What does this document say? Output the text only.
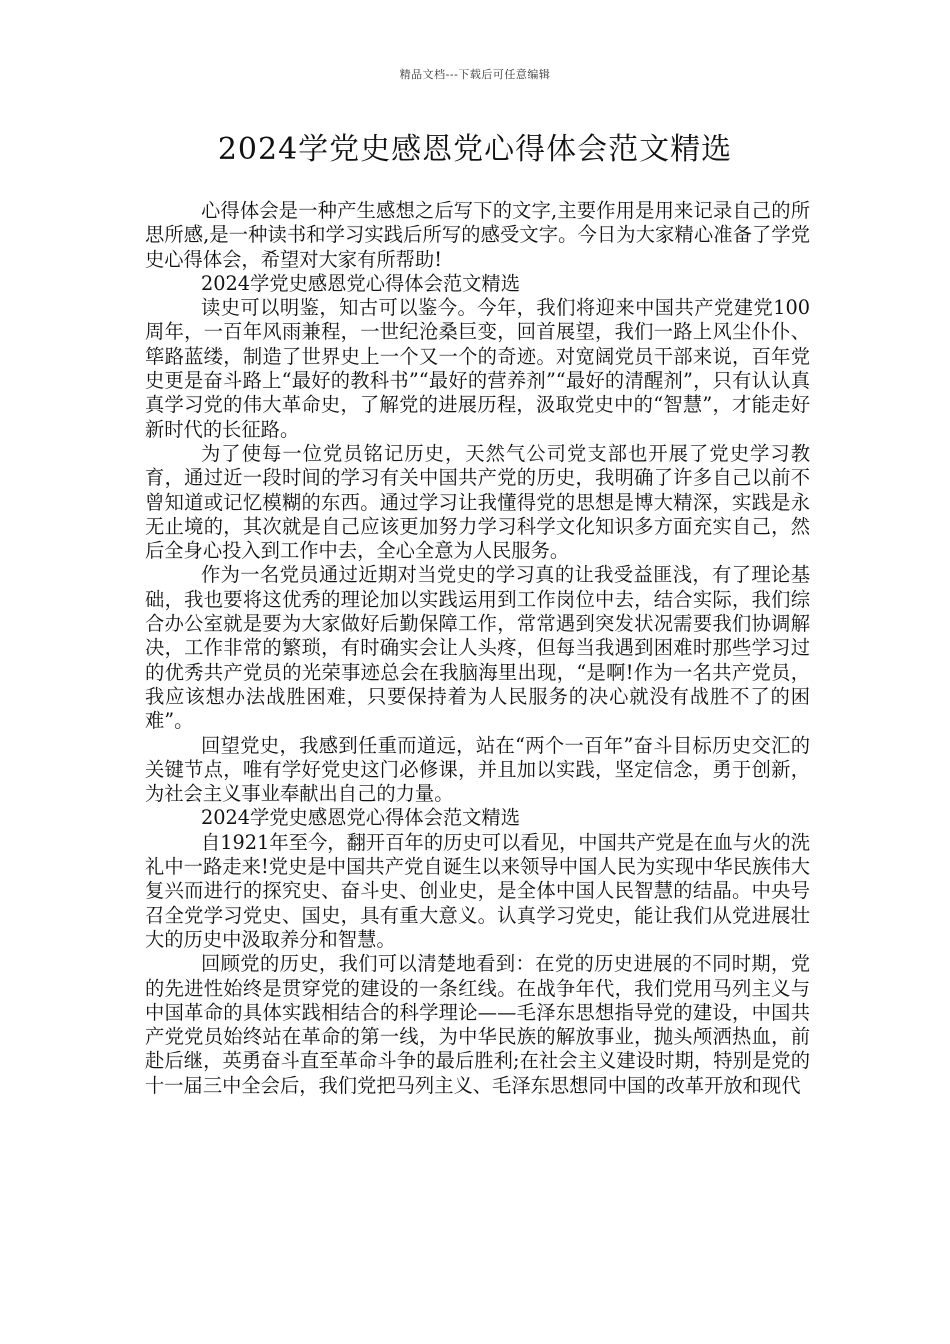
精品文档---下载后可任意编辑
2024学党史感恩党心得体会范文精选

心得体会是一种产生感想之后写下的文字,主要作用是用来记录自己的所思所感,是一种读书和学习实践后所写的感受文字。今日为大家精心准备了学党史心得体会，希望对大家有所帮助!

2024学党史感恩党心得体会范文精选

读史可以明鉴，知古可以鉴今。今年，我们将迎来中国共产党建党100周年，一百年风雨兼程，一世纪沧桑巨变，回首展望，我们一路上风尘仆仆、筚路蓝缕，制造了世界史上一个又一个的奇迹。对宽阔党员干部来说，百年党史更是奋斗路上“最好的教科书”“最好的营养剂”“最好的清醒剂”，只有认认真真学习党的伟大革命史，了解党的进展历程，汲取党史中的“智慧”，才能走好新时代的长征路。

为了使每一位党员铭记历史，天然气公司党支部也开展了党史学习教育，通过近一段时间的学习有关中国共产党的历史，我明确了许多自己以前不曾知道或记忆模糊的东西。通过学习让我懂得党的思想是博大精深，实践是永无止境的，其次就是自己应该更加努力学习科学文化知识多方面充实自己，然后全身心投入到工作中去，全心全意为人民服务。

作为一名党员通过近期对当党史的学习真的让我受益匪浅，有了理论基础，我也要将这优秀的理论加以实践运用到工作岗位中去，结合实际，我们综合办公室就是要为大家做好后勤保障工作，常常遇到突发状况需要我们协调解决，工作非常的繁琐，有时确实会让人头疼，但每当我遇到困难时那些学习过的优秀共产党员的光荣事迹总会在我脑海里出现，“是啊!作为一名共产党员，我应该想办法战胜困难，只要保持着为人民服务的决心就没有战胜不了的困难”。

回望党史，我感到任重而道远，站在“两个一百年”奋斗目标历史交汇的关键节点，唯有学好党史这门必修课，并且加以实践，坚定信念，勇于创新，为社会主义事业奉献出自己的力量。

2024学党史感恩党心得体会范文精选

自1921年至今，翻开百年的历史可以看见，中国共产党是在血与火的洗礼中一路走来!党史是中国共产党自诞生以来领导中国人民为实现中华民族伟大复兴而进行的探究史、奋斗史、创业史，是全体中国人民智慧的结晶。中央号召全党学习党史、国史，具有重大意义。认真学习党史，能让我们从党进展壮大的历史中汲取养分和智慧。

回顾党的历史，我们可以清楚地看到：在党的历史进展的不同时期，党的先进性始终是贯穿党的建设的一条红线。在战争年代，我们党用马列主义与中国革命的具体实践相结合的科学理论——毛泽东思想指导党的建设，中国共产党党员始终站在革命的第一线，为中华民族的解放事业，抛头颅洒热血，前赴后继，英勇奋斗直至革命斗争的最后胜利;在社会主义建设时期，特别是党的十一届三中全会后，我们党把马列主义、毛泽东思想同中国的改革开放和现代
